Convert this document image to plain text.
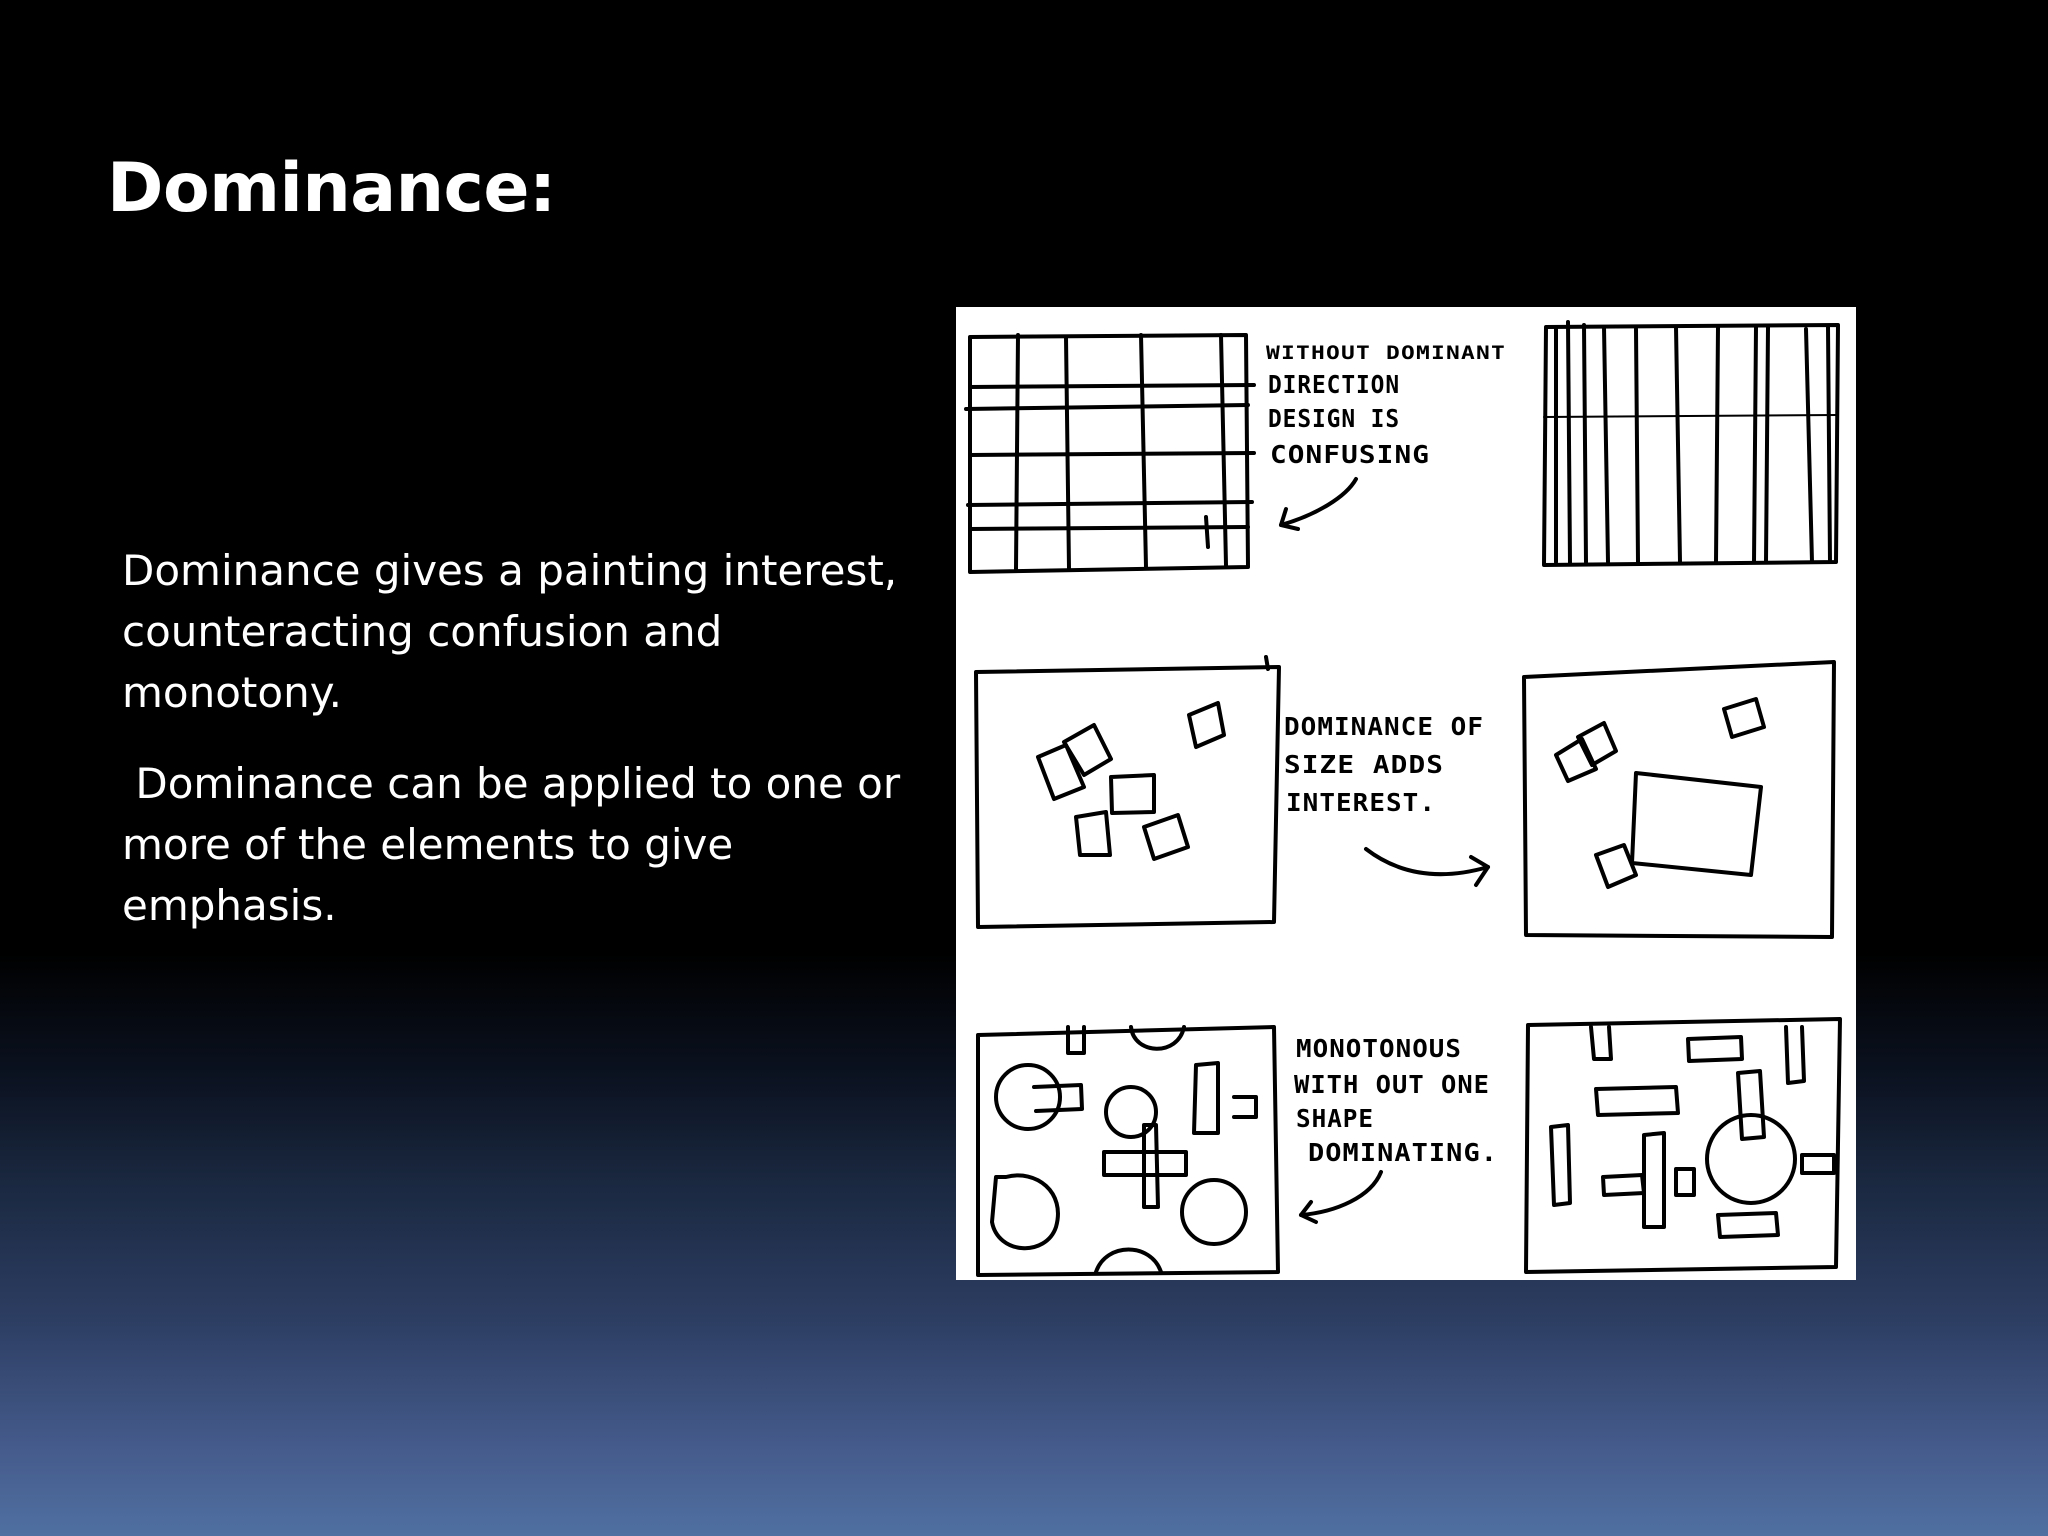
Dominance:

Dominance gives a painting interest, counteracting confusion and monotony.

Dominance can be applied to one or more of the elements to give emphasis.

WITHOUT DOMINANT
DIRECTION
DESIGN IS
CONFUSING
DOMINANCE OF
SIZE ADDS
INTEREST.
MONOTONOUS
WITH OUT ONE
SHAPE
DOMINATING.
